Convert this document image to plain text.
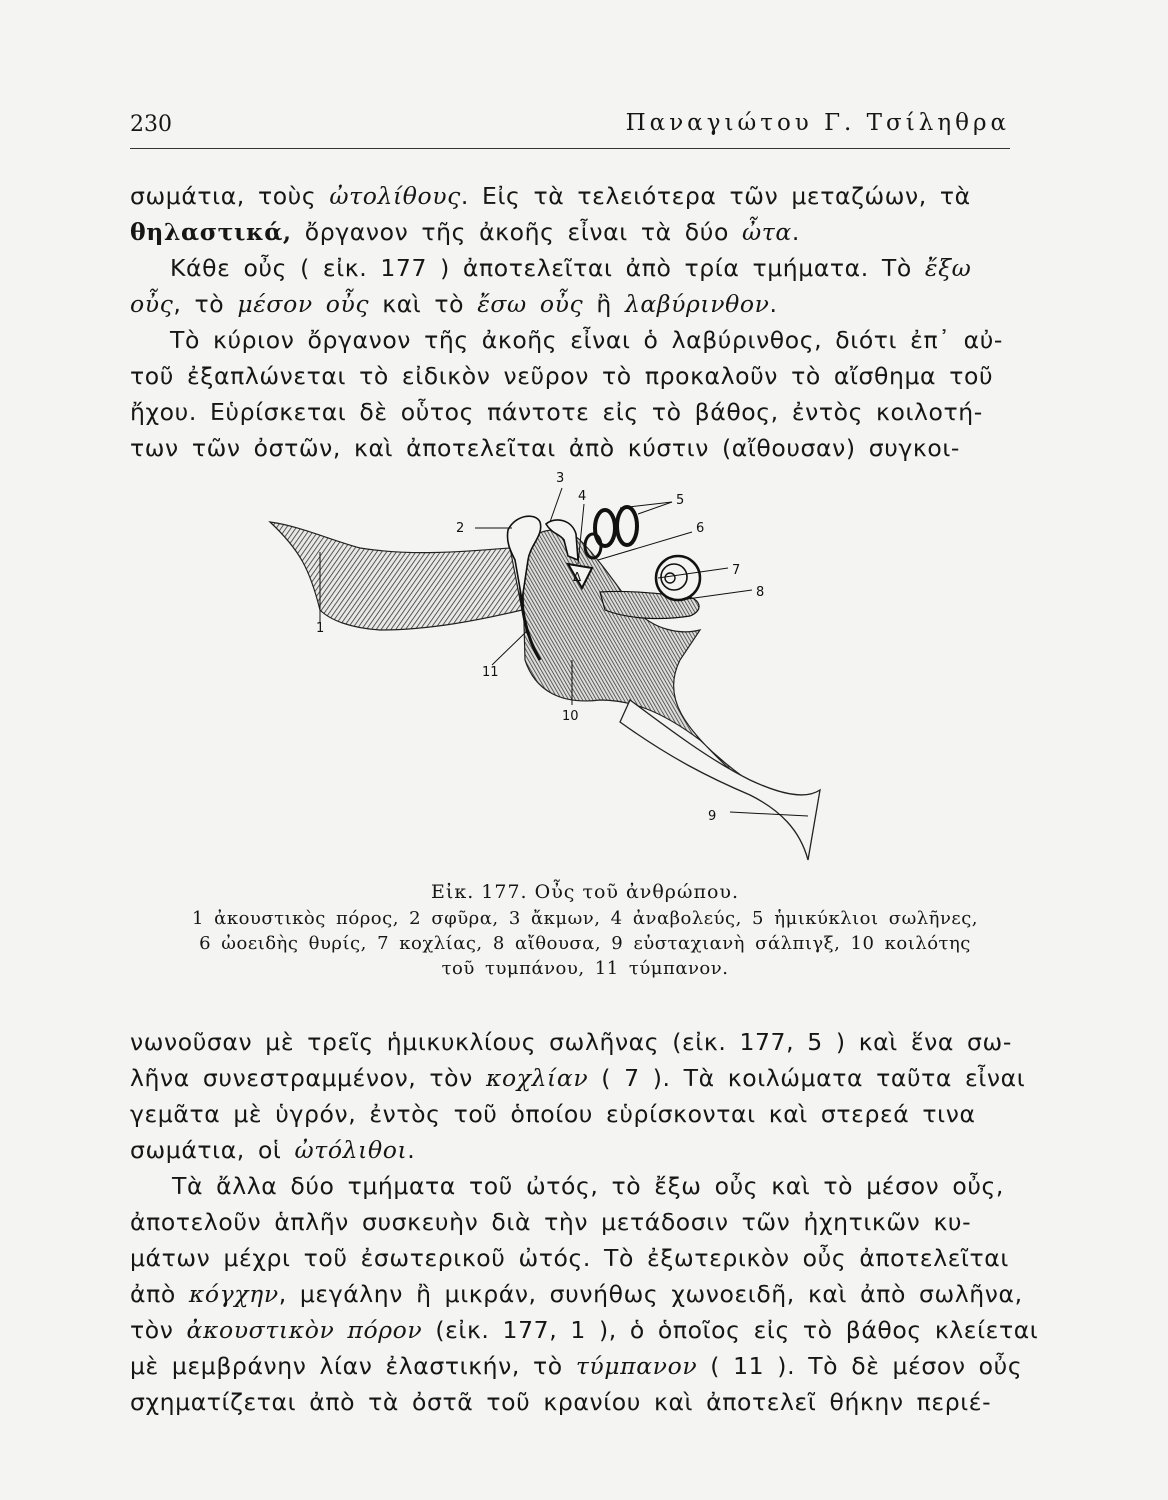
230	Παναγιώτου Γ. Τσίληθρα
σωμάτια, τοὺς ὠτολίθους. Εἰς τὰ τελειότερα τῶν μεταζώων, τὰ
θηλαστικά, ὄργανον τῆς ἀκοῆς εἶναι τὰ δύο ὦτα.
Κάθε οὖς ( εἰκ. 177 ) ἀποτελεῖται ἀπὸ τρία τμήματα. Τὸ ἔξω
οὖς, τὸ μέσον οὖς καὶ τὸ ἔσω οὖς ἢ λαβύρινθον.
Τὸ κύριον ὄργανον τῆς ἀκοῆς εἶναι ὁ λαβύρινθος, διότι ἐπ᾿ αὐ-
τοῦ ἐξαπλώνεται τὸ εἰδικὸν νεῦρον τὸ προκαλοῦν τὸ αἴσθημα τοῦ
ἤχου. Εὑρίσκεται δὲ οὗτος πάντοτε εἰς τὸ βάθος, ἐντὸς κοιλοτή-
των τῶν ὀστῶν, καὶ ἀποτελεῖται ἀπὸ κύστιν (αἴθουσαν) συγκοι-
Δ
1
2
3
4	5
6
7
8
9
10
11
Εἰκ. 177. Οὖς τοῦ ἀνθρώπου.
1 ἀκουστικὸς πόρος, 2 σφῦρα, 3 ἄκμων, 4 ἀναβολεύς, 5 ἡμικύκλιοι σωλῆνες,
6 ὠοειδὴς θυρίς, 7 κοχλίας, 8 αἴθουσα, 9 εὐσταχιανὴ σάλπιγξ, 10 κοιλότης
τοῦ τυμπάνου, 11 τύμπανον.
νωνοῦσαν μὲ τρεῖς ἡμικυκλίους σωλῆνας (εἰκ. 177, 5 ) καὶ ἕνα σω-
λῆνα συνεστραμμένον, τὸν κοχλίαν ( 7 ). Τὰ κοιλώματα ταῦτα εἶναι
γεμᾶτα μὲ ὑγρόν, ἐντὸς τοῦ ὁποίου εὑρίσκονται καὶ στερεά τινα
σωμάτια, οἱ ὠτόλιθοι.
Τὰ ἄλλα δύο τμήματα τοῦ ὠτός, τὸ ἔξω οὖς καὶ τὸ μέσον οὖς,
ἀποτελοῦν ἁπλῆν συσκευὴν διὰ τὴν μετάδοσιν τῶν ἠχητικῶν κυ-
μάτων μέχρι τοῦ ἐσωτερικοῦ ὠτός. Τὸ ἐξωτερικὸν οὖς ἀποτελεῖται
ἀπὸ κόγχην, μεγάλην ἢ μικράν, συνήθως χωνοειδῆ, καὶ ἀπὸ σωλῆνα,
τὸν ἀκουστικὸν πόρον (εἰκ. 177, 1 ), ὁ ὁποῖος εἰς τὸ βάθος κλείεται
μὲ μεμβράνην λίαν ἐλαστικήν, τὸ τύμπανον ( 11 ). Τὸ δὲ μέσον οὖς
σχηματίζεται ἀπὸ τὰ ὀστᾶ τοῦ κρανίου καὶ ἀποτελεῖ θήκην περιέ-
